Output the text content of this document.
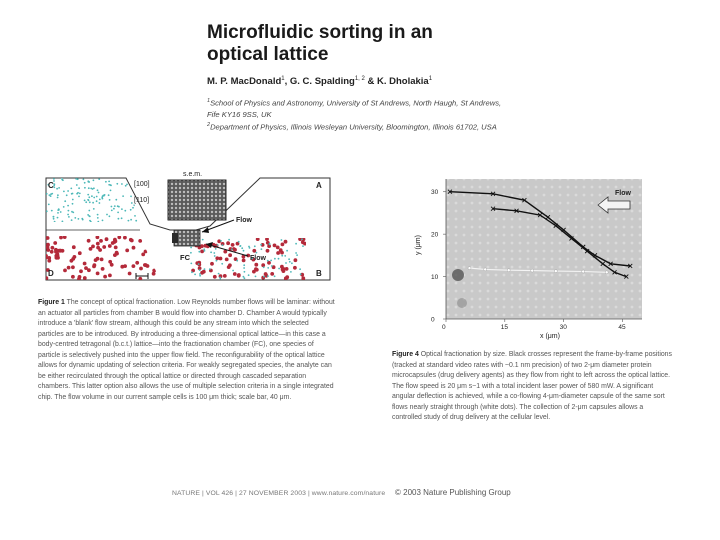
Microfluidic sorting in an optical lattice
M. P. MacDonald$^1$, G. C. Spalding$^{1, 2}$ & K. Dholakia$^1$
$^1$School of Physics and Astronomy, University of St Andrews, North Haugh, St Andrews, Fife KY16 9SS, UK
$^2$Department of Physics, Illinois Wesleyan University, Bloomington, Illinois 61702, USA
s.e.m.
[100]
[110]
C	A
D	B
FC
Flow
Flow
Figure 1 The concept of optical fractionation. Low Reynolds number flows will be laminar: without an actuator all particles from chamber B would flow into chamber D. Chamber A would typically introduce a 'blank' flow stream, although this could be any stream into which the selected particles are to be introduced. By introducing a three-dimensional optical lattice—in this case a body-centred tetragonal (b.c.t.) lattice—into the fractionation chamber (FC), one species of particle is selectively pushed into the upper flow field. The reconfigurability of the optical lattice allows for dynamic updating of selection criteria. For weakly segregated species, the analyte can be either recirculated through the optical lattice or directed through cascaded separation chambers. This latter option also allows the use of multiple selection criteria in a single integrated chip. The flow volume in our current sample cells is 100 μm thick; scale bar, 40 μm.
0	15	30	45
0
10
20
30
y (μm)
x (μm)
Flow
Figure 4 Optical fractionation by size. Black crosses represent the frame-by-frame positions (tracked at standard video rates with ~0.1 nm precision) of two 2-μm diameter protein microcapsules (drug delivery agents) as they flow from right to left across the optical lattice. The flow speed is 20 μm s−1 with a total incident laser power of 580 mW. A significant angular deflection is achieved, while a co-flowing 4-μm-diameter capsule of the same sort flows nearly straight through (white dots). The collection of 2-μm capsules allows a controlled study of drug delivery at the cellular level.
NATURE | VOL 426 | 27 NOVEMBER 2003 | www.nature.com/nature © 2003 Nature Publishing Group
